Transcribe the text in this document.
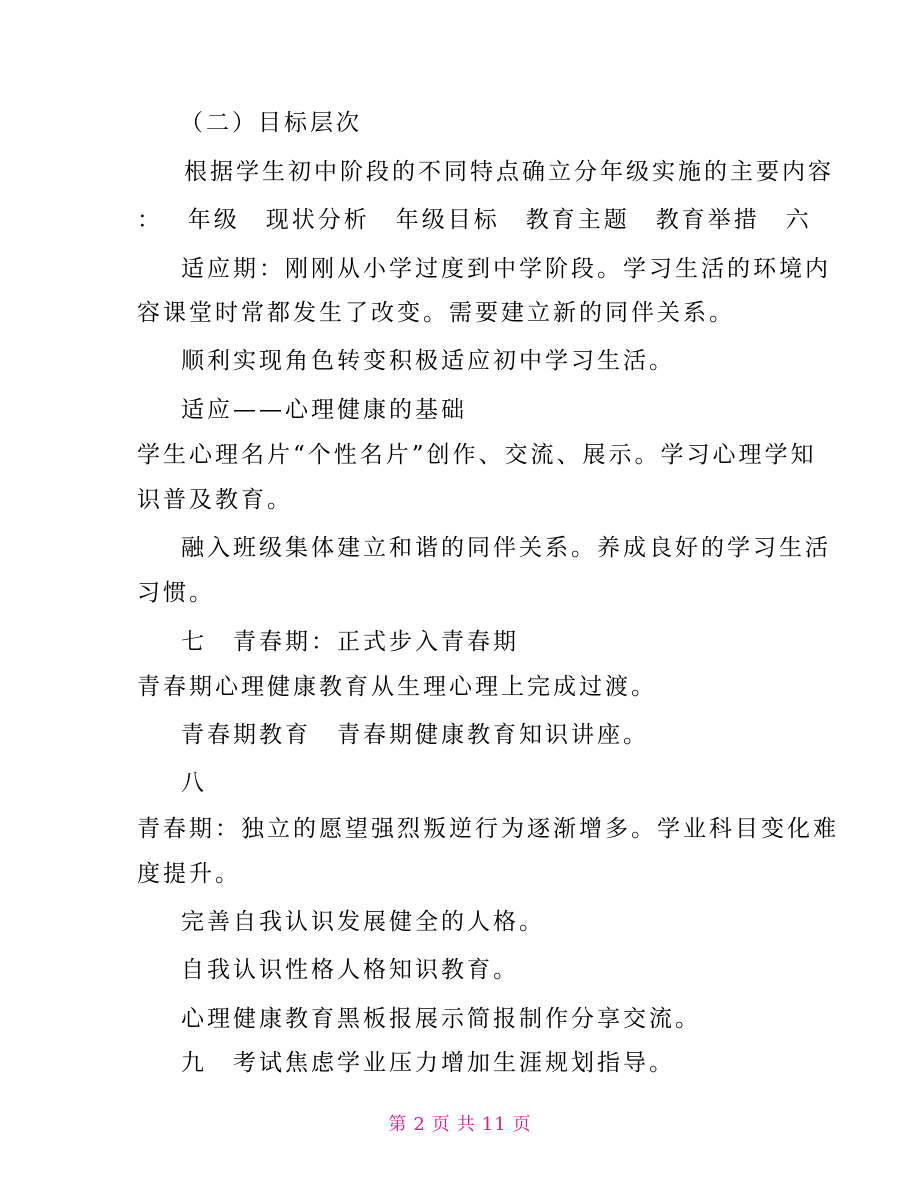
（二）目标层次
根据学生初中阶段的不同特点确立分年级实施的主要内容
：　 年级　现状分析　年级目标　教育主题　教育举措　六
适应期：刚刚从小学过度到中学阶段。学习生活的环境内
容课堂时常都发生了改变。需要建立新的同伴关系。
顺利实现角色转变积极适应初中学习生活。
适应——心理健康的基础
学生心理名片“个性名片”创作、交流、展示。学习心理学知
识普及教育。
融入班级集体建立和谐的同伴关系。养成良好的学习生活
习惯。
七　青春期：正式步入青春期
青春期心理健康教育从生理心理上完成过渡。
青春期教育　青春期健康教育知识讲座。
八
青春期：独立的愿望强烈叛逆行为逐渐增多。学业科目变化难
度提升。
完善自我认识发展健全的人格。
自我认识性格人格知识教育。
心理健康教育黑板报展示简报制作分享交流。
九　考试焦虑学业压力增加生涯规划指导。
第 2 页 共 11 页
